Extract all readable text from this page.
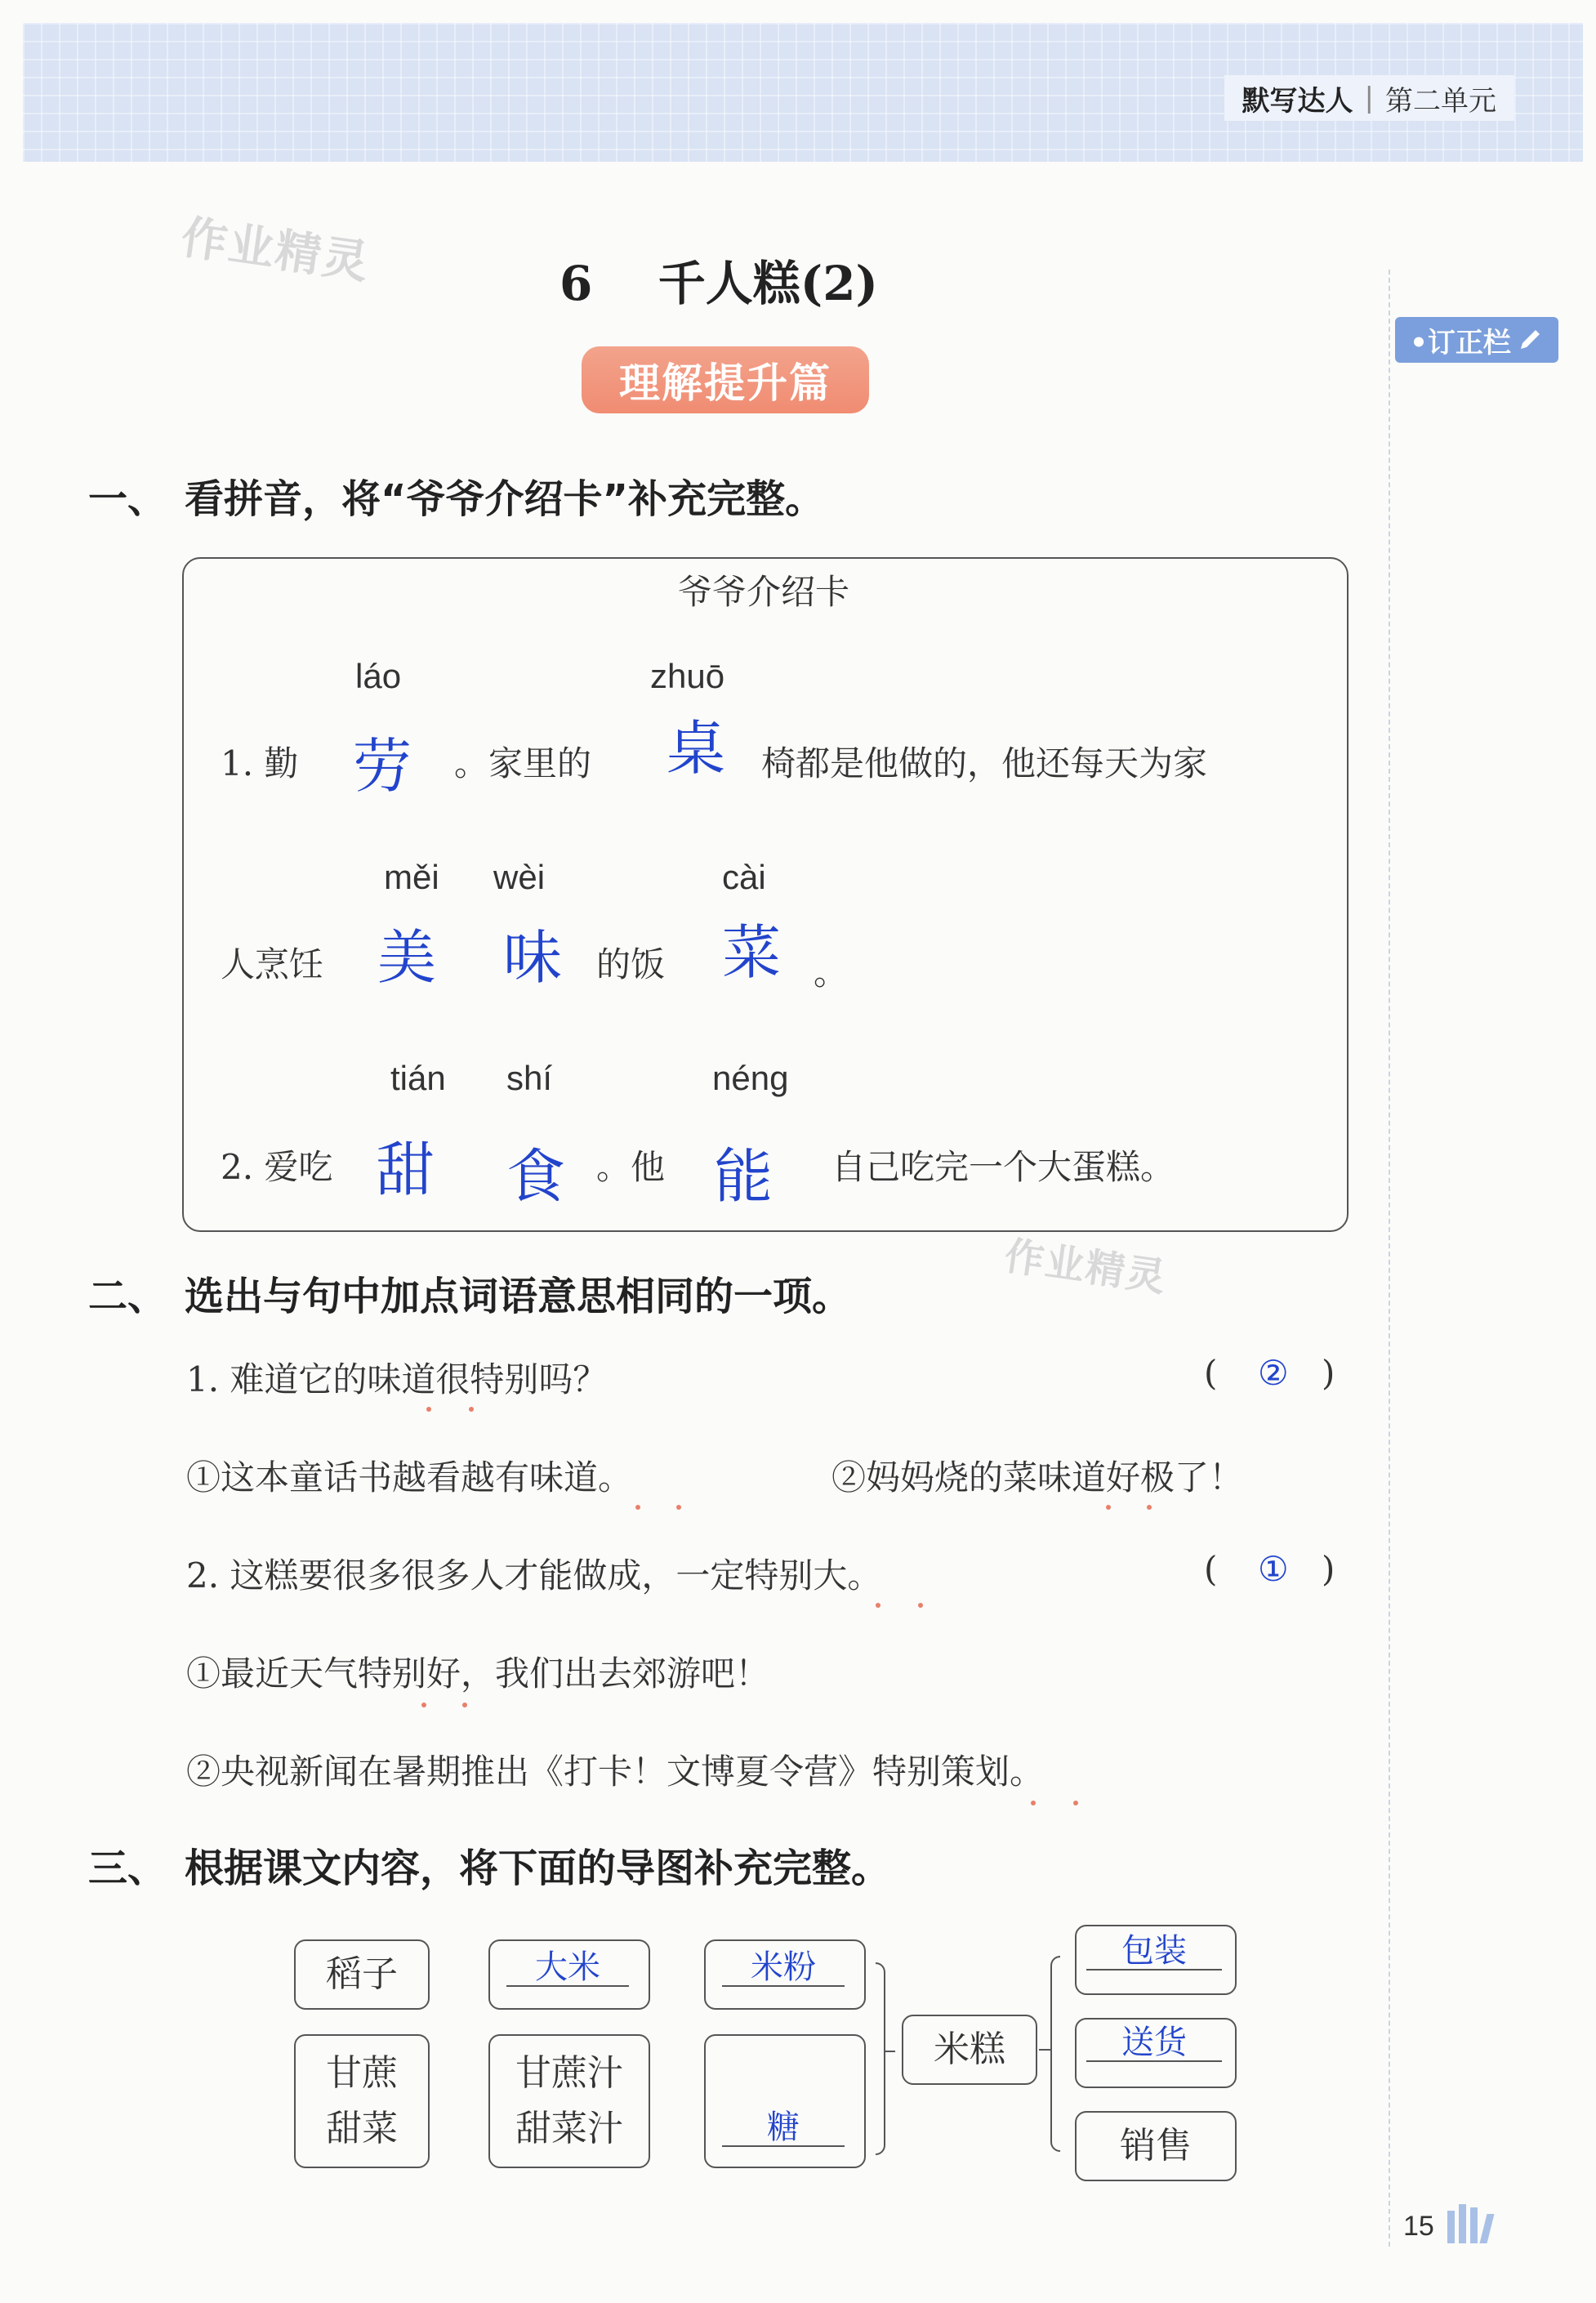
默写达人 | 第二单元
作业精灵
作业精灵
6 千人糕(2)
理解提升篇
•订正栏
一、 看拼音，将“爷爷介绍卡”补充完整。
爷爷介绍卡
láo	zhuō
1. 勤 劳 。家里的 桌 椅都是他做的，他还每天为家
měi wèi	cài
人烹饪 美 味 的饭 菜 。
tián shí	néng
2. 爱吃 甜 食 。他 能 自己吃完一个大蛋糕。
二、 选出与句中加点词语意思相同的一项。
1. 难道它的味道很特别吗？	( ② )
①这本童话书越看越有味道。	②妈妈烧的菜味道好极了！
2. 这糕要很多很多人才能做成，一定特别大。	( ① )
①最近天气特别好，我们出去郊游吧！
②央视新闻在暑期推出《打卡！文博夏令营》特别策划。
三、 根据课文内容，将下面的导图补充完整。
稻子
甘蔗
甜菜
大米
甘蔗汁
甜菜汁
米粉
糖
米糕
包装
送货
销售
15
